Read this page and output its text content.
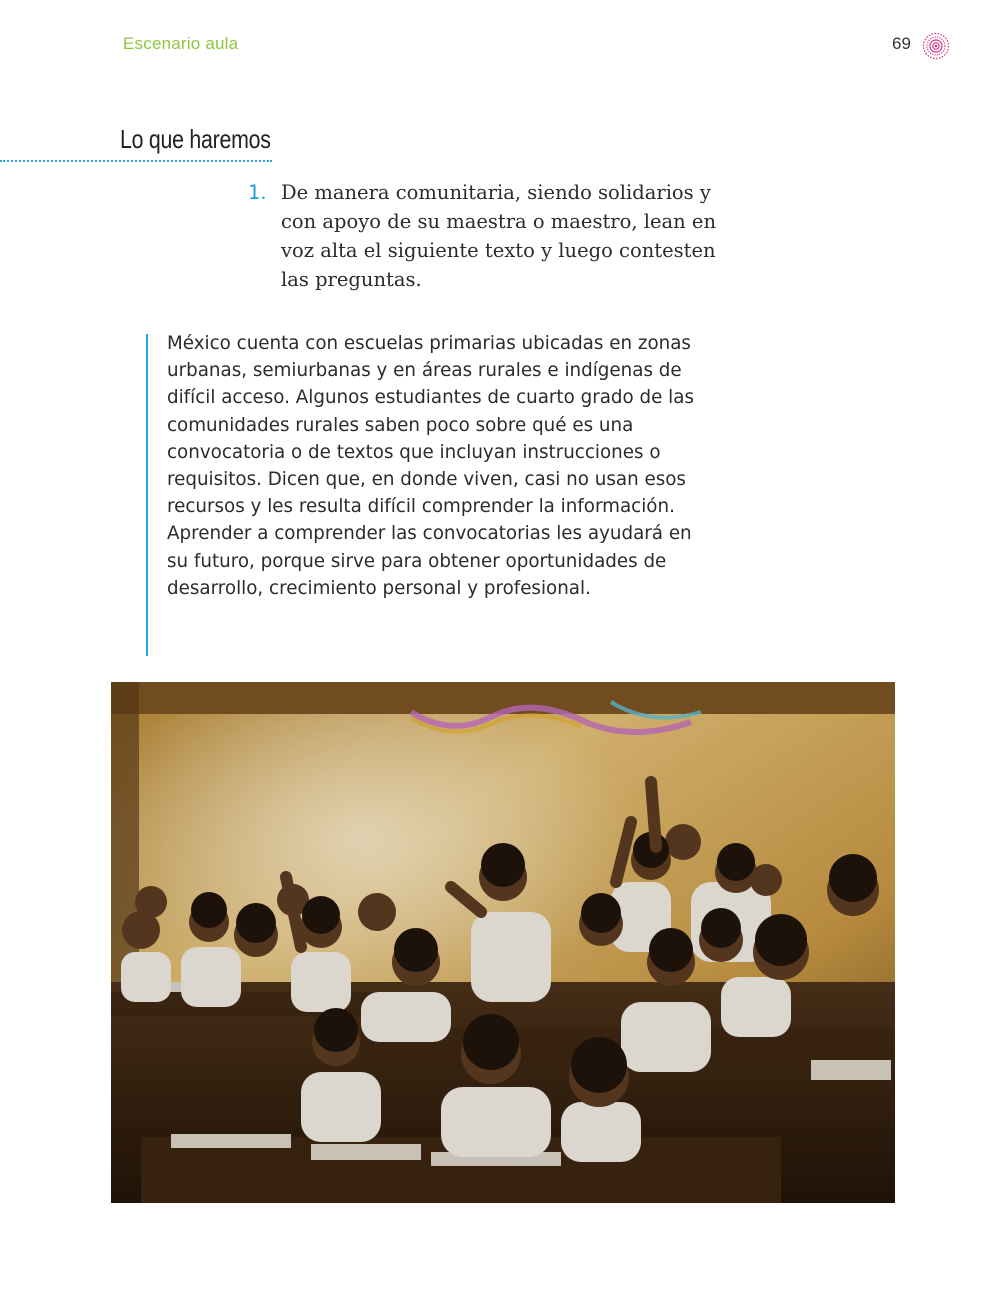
Escenario aula	69
Lo que haremos
1. De manera comunitaria, siendo solidarios y con apoyo de su maestra o maestro, lean en voz alta el siguiente texto y luego contesten las preguntas.
México cuenta con escuelas primarias ubicadas en zonas urbanas, semiurbanas y en áreas rurales e indígenas de difícil acceso. Algunos estudiantes de cuarto grado de las comunidades rurales saben poco sobre qué es una convocatoria o de textos que incluyan instrucciones o requisitos. Dicen que, en donde viven, casi no usan esos recursos y les resulta difícil comprender la información. Aprender a comprender las convocatorias les ayudará en su futuro, porque sirve para obtener oportunidades de desarrollo, crecimiento personal y profesional.
